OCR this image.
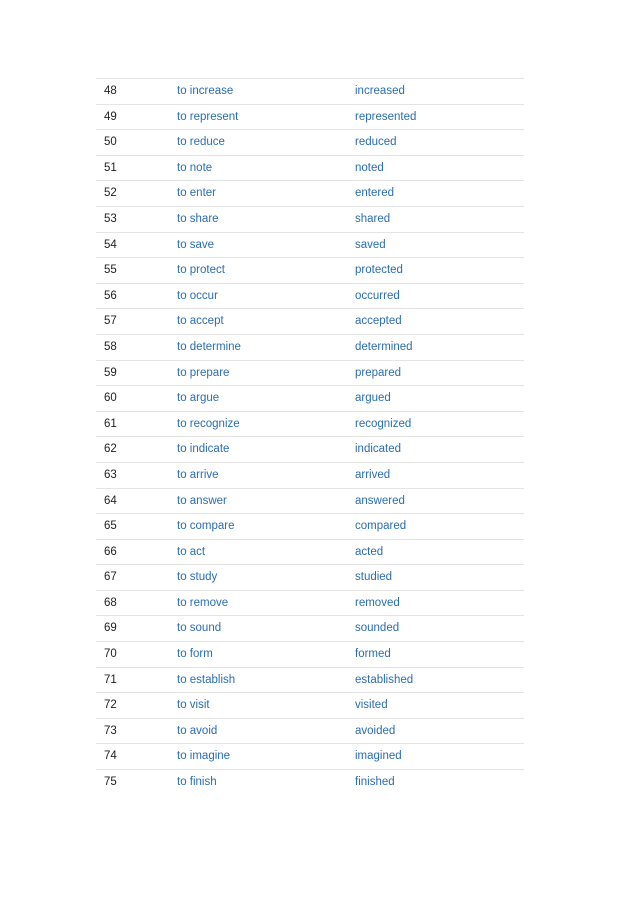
48	to increase	increased
49	to represent	represented
50	to reduce	reduced
51	to note	noted
52	to enter	entered
53	to share	shared
54	to save	saved
55	to protect	protected
56	to occur	occurred
57	to accept	accepted
58	to determine	determined
59	to prepare	prepared
60	to argue	argued
61	to recognize	recognized
62	to indicate	indicated
63	to arrive	arrived
64	to answer	answered
65	to compare	compared
66	to act	acted
67	to study	studied
68	to remove	removed
69	to sound	sounded
70	to form	formed
71	to establish	established
72	to visit	visited
73	to avoid	avoided
74	to imagine	imagined
75	to finish	finished
